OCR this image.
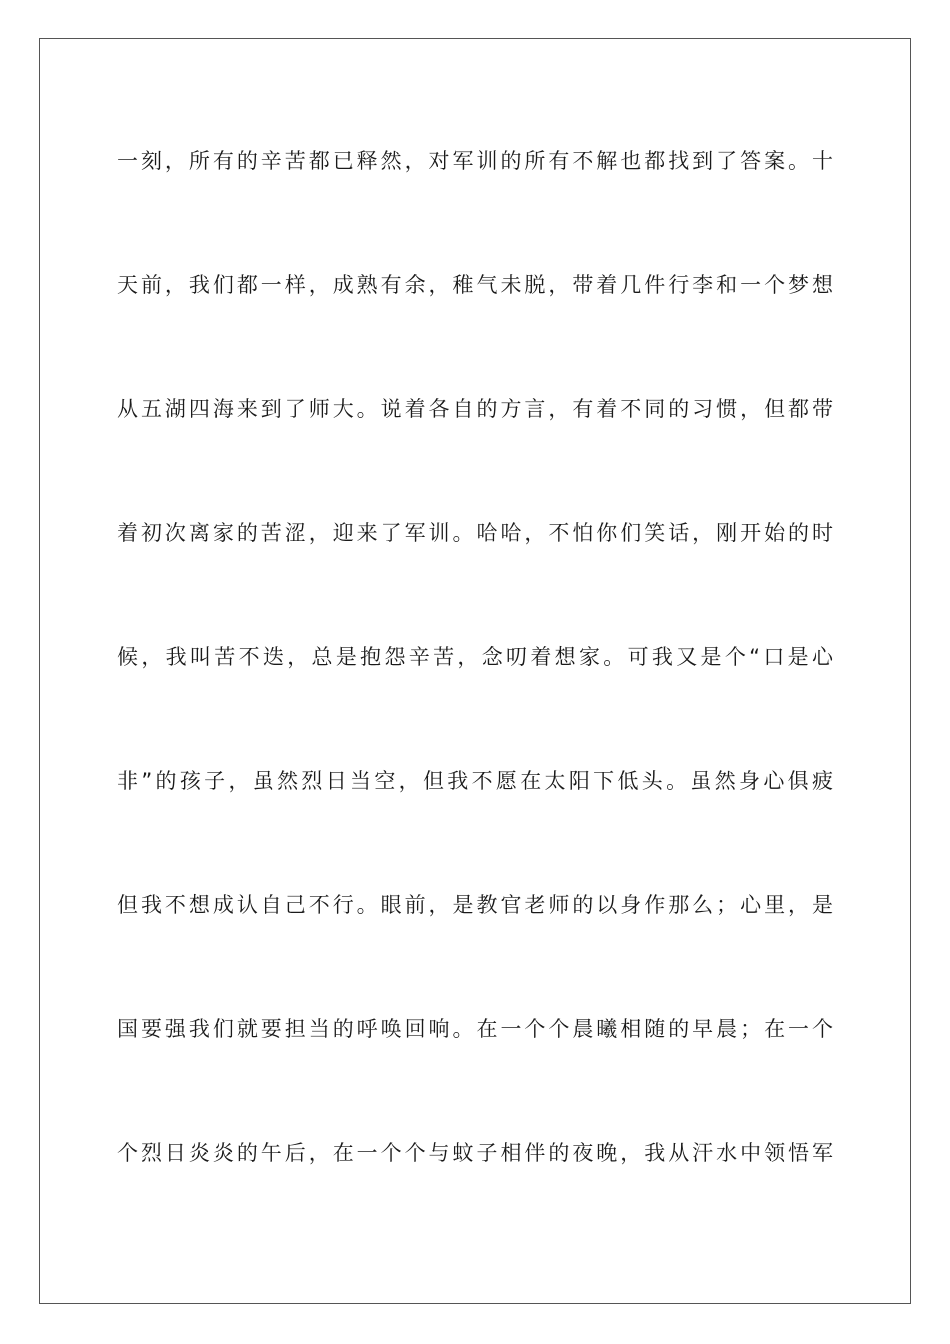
一刻，所有的辛苦都已释然，对军训的所有不解也都找到了答案。十
天前，我们都一样，成熟有余，稚气未脱，带着几件行李和一个梦想
从五湖四海来到了师大。说着各自的方言，有着不同的习惯，但都带
着初次离家的苦涩，迎来了军训。哈哈，不怕你们笑话，刚开始的时
候，我叫苦不迭，总是抱怨辛苦，念叨着想家。可我又是个“口是心
非”的孩子，虽然烈日当空，但我不愿在太阳下低头。虽然身心俱疲
但我不想成认自己不行。眼前，是教官老师的以身作那么；心里，是
国要强我们就要担当的呼唤回响。在一个个晨曦相随的早晨；在一个
个烈日炎炎的午后，在一个个与蚊子相伴的夜晚，我从汗水中领悟军
